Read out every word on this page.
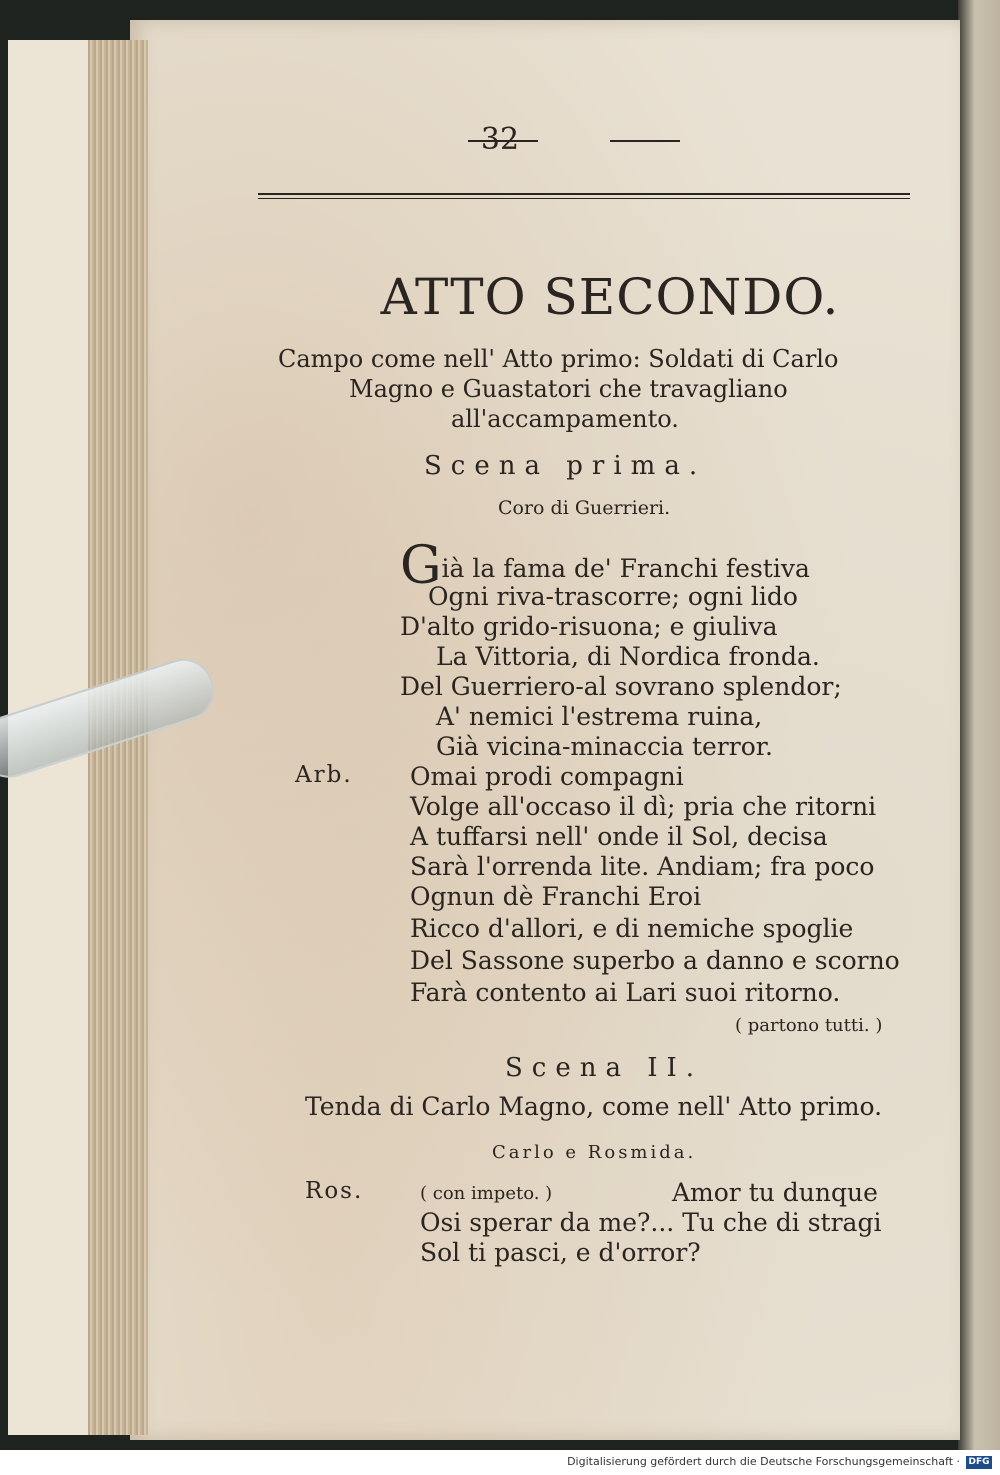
32
ATTO SECONDO.
Campo come nell' Atto primo: Soldati di Carlo
Magno e Guastatori che travagliano
all'accampamento.
Scena prima.
Coro di Guerrieri.
Già la fama de' Franchi festiva
Ogni riva-trascorre; ogni lido
D'alto grido-risuona; e giuliva
La Vittoria, di Nordica fronda.
Del Guerriero-al sovrano splendor;
A' nemici l'estrema ruina,
Già vicina-minaccia terror.
Arb. Omai prodi compagni
Volge all'occaso il dì; pria che ritorni
A tuffarsi nell' onde il Sol, decisa
Sarà l'orrenda lite. Andiam; fra poco
Ognun dè Franchi Eroi
Ricco d'allori, e di nemiche spoglie
Del Sassone superbo a danno e scorno
Farà contento ai Lari suoi ritorno.
( partono tutti. )
Scena II.
Tenda di Carlo Magno, come nell' Atto primo.
Carlo e Rosmida.
Ros.	( con impeto. )	Amor tu dunque
Osi sperar da me?... Tu che di stragi
Sol ti pasci, e d'orror?
Digitalisierung gefördert durch die Deutsche Forschungsgemeinschaft · DFG
